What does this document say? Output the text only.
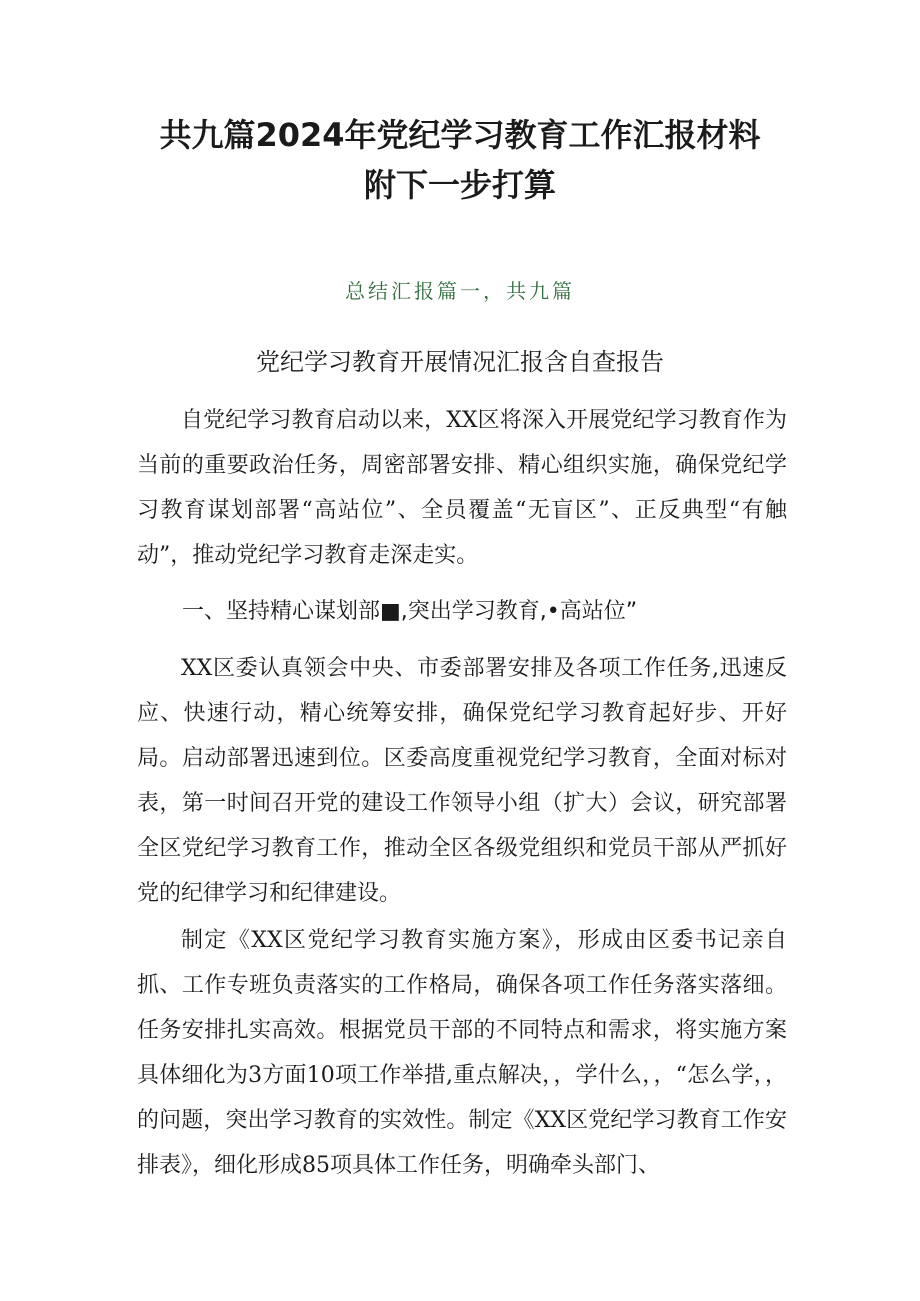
共九篇2024年党纪学习教育工作汇报材料
附下一步打算
总结汇报篇一，共九篇
党纪学习教育开展情况汇报含自查报告

自党纪学习教育启动以来，XX区将深入开展党纪学习教育作为当前的重要政治任务，周密部署安排、精心组织实施，确保党纪学习教育谋划部署“高站位”、全员覆盖“无盲区”、正反典型“有触动”，推动党纪学习教育走深走实。

一、坚持精心谋划部■,突出学习教育,•高站位”

XX区委认真领会中央、市委部署安排及各项工作任务,迅速反应、快速行动，精心统筹安排，确保党纪学习教育起好步、开好局。启动部署迅速到位。区委高度重视党纪学习教育，全面对标对表，第一时间召开党的建设工作领导小组（扩大）会议，研究部署全区党纪学习教育工作，推动全区各级党组织和党员干部从严抓好党的纪律学习和纪律建设。

制定《XX区党纪学习教育实施方案》，形成由区委书记亲自抓、工作专班负责落实的工作格局，确保各项工作任务落实落细。任务安排扎实高效。根据党员干部的不同特点和需求，将实施方案具体细化为3方面10项工作举措,重点解决，，学什么，，“怎么学，，的问题，突出学习教育的实效性。制定《XX区党纪学习教育工作安排表》，细化形成85项具体工作任务，明确牵头部门、
